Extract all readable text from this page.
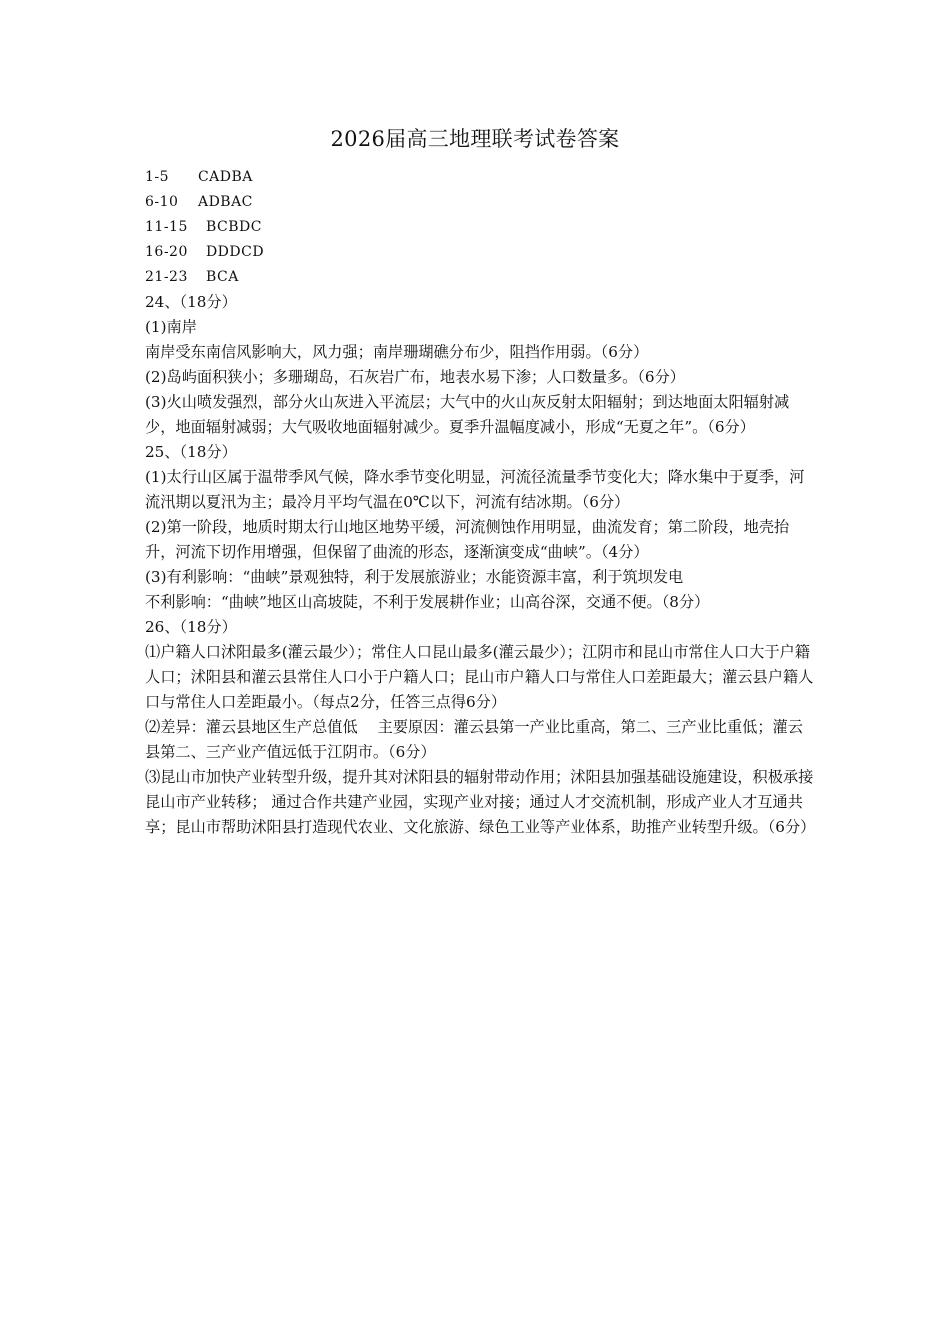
2026届高三地理联考试卷答案
1-5 CADBA
6-10 ADBAC
11-15 BCBDC
16-20 DDDCD
21-23 BCA
24、（18分）
(1)南岸
南岸受东南信风影响大，风力强；南岸珊瑚礁分布少，阻挡作用弱。（6分）
(2)岛屿面积狭小；多珊瑚岛，石灰岩广布，地表水易下渗；人口数量多。（6分）
(3)火山喷发强烈，部分火山灰进入平流层；大气中的火山灰反射太阳辐射；到达地面太阳辐射减少，地面辐射减弱；大气吸收地面辐射减少。夏季升温幅度减小，形成“无夏之年”。（6分）
25、（18分）
(1)太行山区属于温带季风气候，降水季节变化明显，河流径流量季节变化大；降水集中于夏季，河流汛期以夏汛为主；最冷月平均气温在0℃以下，河流有结冰期。（6分）
(2)第一阶段，地质时期太行山地区地势平缓，河流侧蚀作用明显，曲流发育；第二阶段，地壳抬升，河流下切作用增强，但保留了曲流的形态，逐渐演变成“曲峡”。（4分）
(3)有利影响：“曲峡”景观独特，利于发展旅游业；水能资源丰富，利于筑坝发电
不利影响：“曲峡”地区山高坡陡，不利于发展耕作业；山高谷深，交通不便。（8分）
26、（18分）
⑴户籍人口沭阳最多(灌云最少）；常住人口昆山最多(灌云最少）；江阴市和昆山市常住人口大于户籍人口；沭阳县和灌云县常住人口小于户籍人口；昆山市户籍人口与常住人口差距最大；灌云县户籍人口与常住人口差距最小。（每点2分，任答三点得6分）
⑵差异：灌云县地区生产总值低　 主要原因：灌云县第一产业比重高，第二、三产业比重低；灌云县第二、三产业产值远低于江阴市。（6分）
⑶昆山市加快产业转型升级，提升其对沭阳县的辐射带动作用；沭阳县加强基础设施建设，积极承接昆山市产业转移； 通过合作共建产业园，实现产业对接；通过人才交流机制，形成产业人才互通共享；昆山市帮助沭阳县打造现代农业、文化旅游、绿色工业等产业体系，助推产业转型升级。（6分）
